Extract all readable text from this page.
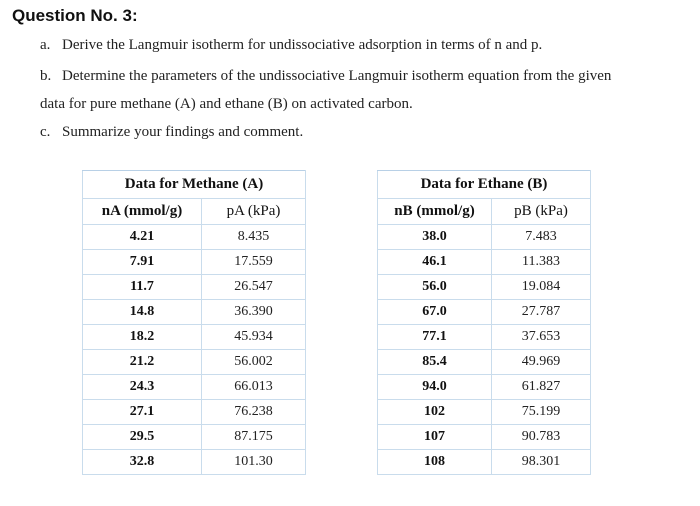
Question No. 3:
a. Derive the Langmuir isotherm for undissociative adsorption in terms of n and p.
b. Determine the parameters of the undissociative Langmuir isotherm equation from the given
data for pure methane (A) and ethane (B) on activated carbon.
c. Summarize your findings and comment.
Data for Methane (A)	
nA (mmol/g)	pA (kPa)
4.21	8.435
7.91	17.559
11.7	26.547
14.8	36.390
18.2	45.934
21.2	56.002
24.3	66.013
27.1	76.238
29.5	87.175
32.8	101.30
Data for Ethane (B)	
nB (mmol/g)	pB (kPa)
38.0	7.483
46.1	11.383
56.0	19.084
67.0	27.787
77.1	37.653
85.4	49.969
94.0	61.827
102	75.199
107	90.783
108	98.301
